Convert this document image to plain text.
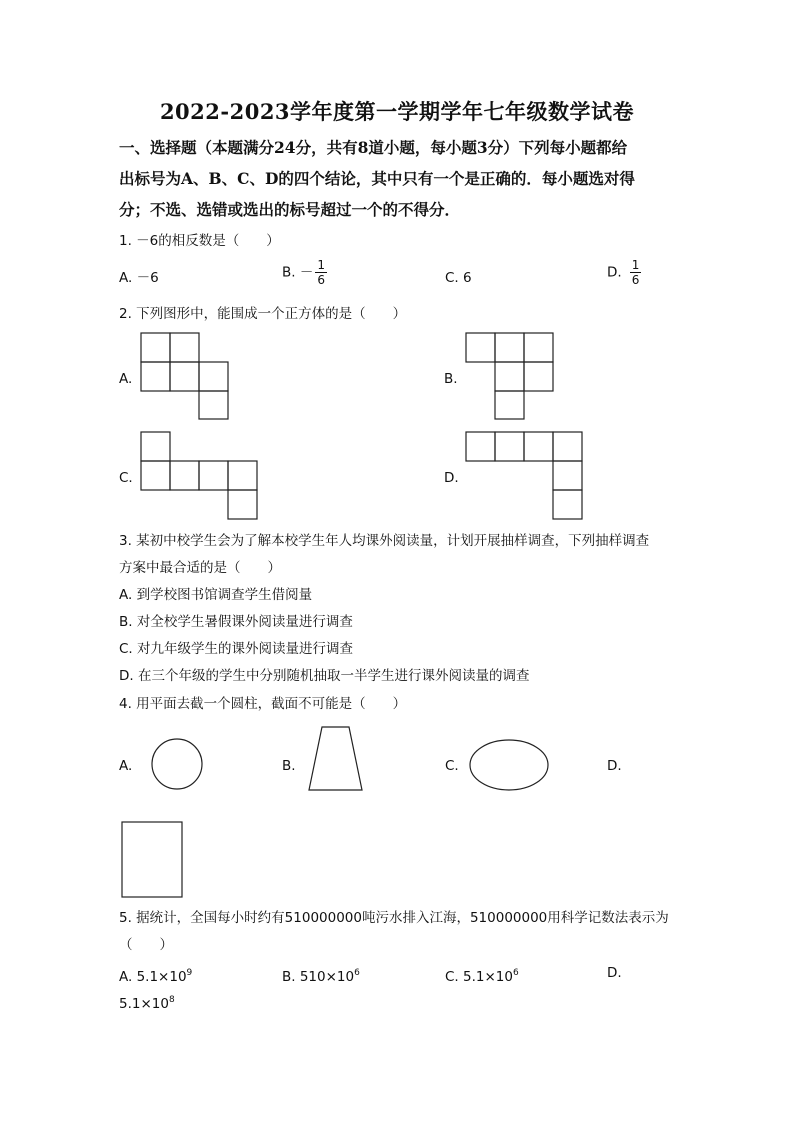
2022-2023学年度第一学期学年七年级数学试卷
一、选择题（本题满分24分，共有8道小题，每小题3分）下列每小题都给
出标号为A、B、C、D的四个结论，其中只有一个是正确的．每小题选对得
分；不选、选错或选出的标号超过一个的不得分．
1. －6的相反数是（　　）
A. －6	B. － $\frac{1}{6}$	C. 6	D. $\frac{1}{6}$
2. 下列图形中，能围成一个正方体的是（　　）
A.	B.
C.	D.
3. 某初中校学生会为了解本校学生年人均课外阅读量，计划开展抽样调查，下列抽样调查
方案中最合适的是（　　）
A. 到学校图书馆调查学生借阅量
B. 对全校学生暑假课外阅读量进行调查
C. 对九年级学生的课外阅读量进行调查
D. 在三个年级的学生中分别随机抽取一半学生进行课外阅读量的调查
4. 用平面去截一个圆柱，截面不可能是（　　）
A.	B.	C.	D.
5. 据统计，全国每小时约有510000000吨污水排入江海，510000000用科学记数法表示为
（　　）
A. $5.1\times 10^9$	B. $510\times 10^6$	C. $5.1\times 10^6$	D.
$5.1\times 10^8$
